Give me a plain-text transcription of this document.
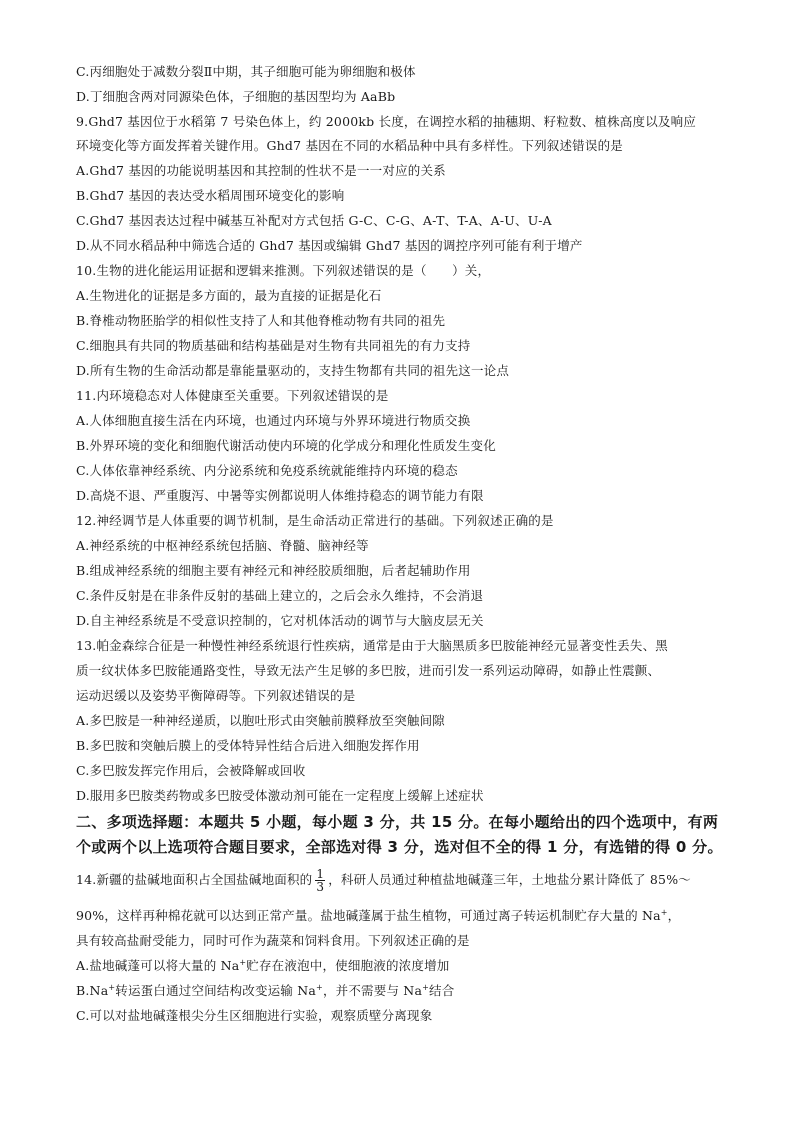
C.丙细胞处于减数分裂Ⅱ中期，其子细胞可能为卵细胞和极体
D.丁细胞含两对同源染色体，子细胞的基因型均为 AaBb
9.Ghd7 基因位于水稻第 7 号染色体上，约 2000kb 长度，在调控水稻的抽穗期、籽粒数、植株高度以及响应
环境变化等方面发挥着关键作用。Ghd7 基因在不同的水稻品种中具有多样性。下列叙述错误的是
A.Ghd7 基因的功能说明基因和其控制的性状不是一一对应的关系
B.Ghd7 基因的表达受水稻周围环境变化的影响
C.Ghd7 基因表达过程中碱基互补配对方式包括 G-C、C-G、A-T、T-A、A-U、U-A
D.从不同水稻品种中筛选合适的 Ghd7 基因或编辑 Ghd7 基因的调控序列可能有利于增产
10.生物的进化能运用证据和逻辑来推测。下列叙述错误的是（　　）关，
A.生物进化的证据是多方面的，最为直接的证据是化石
B.脊椎动物胚胎学的相似性支持了人和其他脊椎动物有共同的祖先
C.细胞具有共同的物质基础和结构基础是对生物有共同祖先的有力支持
D.所有生物的生命活动都是靠能量驱动的，支持生物都有共同的祖先这一论点
11.内环境稳态对人体健康至关重要。下列叙述错误的是
A.人体细胞直接生活在内环境，也通过内环境与外界环境进行物质交换
B.外界环境的变化和细胞代谢活动使内环境的化学成分和理化性质发生变化
C.人体依靠神经系统、内分泌系统和免疫系统就能维持内环境的稳态
D.高烧不退、严重腹泻、中暑等实例都说明人体维持稳态的调节能力有限
12.神经调节是人体重要的调节机制，是生命活动正常进行的基础。下列叙述正确的是
A.神经系统的中枢神经系统包括脑、脊髓、脑神经等
B.组成神经系统的细胞主要有神经元和神经胶质细胞，后者起辅助作用
C.条件反射是在非条件反射的基础上建立的，之后会永久维持，不会消退
D.自主神经系统是不受意识控制的，它对机体活动的调节与大脑皮层无关
13.帕金森综合征是一种慢性神经系统退行性疾病，通常是由于大脑黑质多巴胺能神经元显著变性丢失、黑
质一纹状体多巴胺能通路变性，导致无法产生足够的多巴胺，进而引发一系列运动障碍，如静止性震颤、
运动迟缓以及姿势平衡障碍等。下列叙述错误的是
A.多巴胺是一种神经递质，以胞吐形式由突触前膜释放至突触间隙
B.多巴胺和突触后膜上的受体特异性结合后进入细胞发挥作用
C.多巴胺发挥完作用后，会被降解或回收
D.服用多巴胺类药物或多巴胺受体激动剂可能在一定程度上缓解上述症状
二、多项选择题：本题共 5 小题，每小题 3 分，共 15 分。在每小题给出的四个选项中，有两
个或两个以上选项符合题目要求，全部选对得 3 分，选对但不全的得 1 分，有选错的得 0 分。
14.新疆的盐碱地面积占全国盐碱地面积的 $\frac{1}{3}$ ，科研人员通过种植盐地碱蓬三年，土地盐分累计降低了 85%～
90%，这样再种棉花就可以达到正常产量。盐地碱蓬属于盐生植物，可通过离子转运机制贮存大量的 Na+，
具有较高盐耐受能力，同时可作为蔬菜和饲料食用。下列叙述正确的是
A.盐地碱蓬可以将大量的 Na+贮存在液泡中，使细胞液的浓度增加
B.Na+转运蛋白通过空间结构改变运输 Na+，并不需要与 Na+结合
C.可以对盐地碱蓬根尖分生区细胞进行实验，观察质壁分离现象
